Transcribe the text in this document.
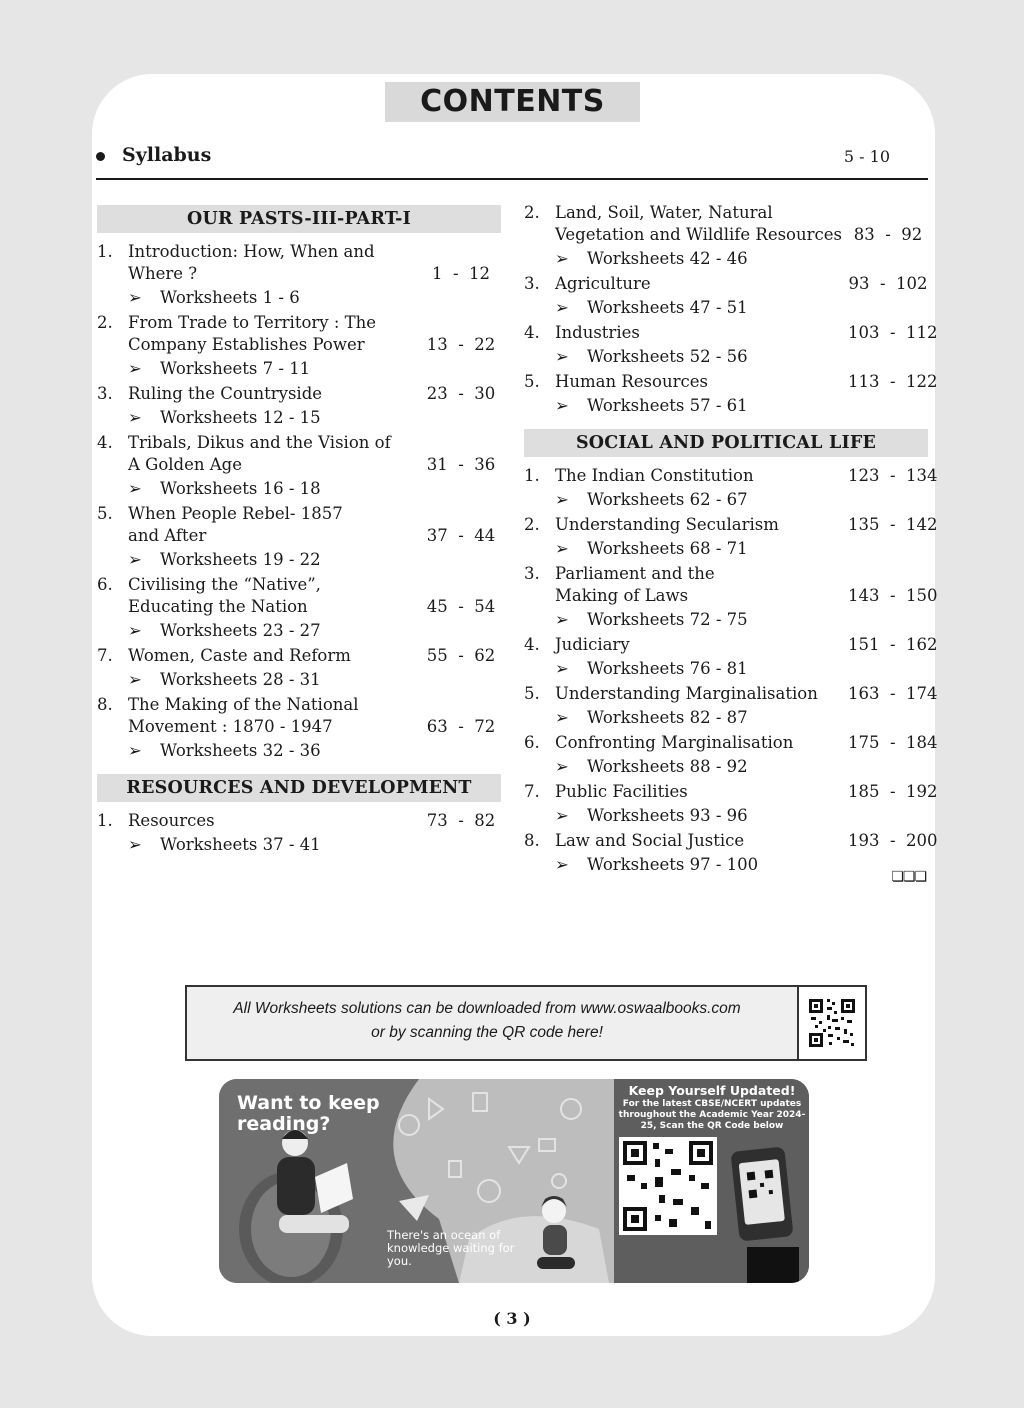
CONTENTS
Syllabus	5 - 10
OUR PASTS-III-PART-I
1. Introduction: How, When and
Where ?	1  -  12
➢ Worksheets 1 - 6
2. From Trade to Territory : The
Company Establishes Power	13  -  22
➢ Worksheets 7 - 11
3. Ruling the Countryside	23  -  30
➢ Worksheets 12 - 15
4. Tribals, Dikus and the Vision of
A Golden Age	31  -  36
➢ Worksheets 16 - 18
5. When People Rebel- 1857
and After	37  -  44
➢ Worksheets 19 - 22
6. Civilising the “Native”,
Educating the Nation	45  -  54
➢ Worksheets 23 - 27
7. Women, Caste and Reform	55  -  62
➢ Worksheets 28 - 31
8. The Making of the National
Movement : 1870 - 1947	63  -  72
➢ Worksheets 32 - 36
RESOURCES AND DEVELOPMENT
1. Resources	73  -  82
➢ Worksheets 37 - 41
2. Land, Soil, Water, Natural
Vegetation and Wildlife Resources 83  -  92
➢ Worksheets 42 - 46
3. Agriculture	93  -  102
➢ Worksheets 47 - 51
4. Industries	103  -  112
➢ Worksheets 52 - 56
5. Human Resources	113  -  122
➢ Worksheets 57 - 61
SOCIAL AND POLITICAL LIFE
1. The Indian Constitution	123  -  134
➢ Worksheets 62 - 67
2. Understanding Secularism	135  -  142
➢ Worksheets 68 - 71
3. Parliament and the
Making of Laws	143  -  150
➢ Worksheets 72 - 75
4. Judiciary	151  -  162
➢ Worksheets 76 - 81
5. Understanding Marginalisation	163  -  174
➢ Worksheets 82 - 87
6. Confronting Marginalisation	175  -  184
➢ Worksheets 88 - 92
7. Public Facilities	185  -  192
➢ Worksheets 93 - 96
8. Law and Social Justice	193  -  200
➢ Worksheets 97 - 100
❏❏❏
All Worksheets solutions can be downloaded from www.oswaalbooks.com
or by scanning the QR code here!
Want to keep reading?
There's an ocean of knowledge waiting for you.
Keep Yourself Updated!
For the latest CBSE/NCERT updates throughout the Academic Year 2024-25, Scan the QR Code below
( 3 )
